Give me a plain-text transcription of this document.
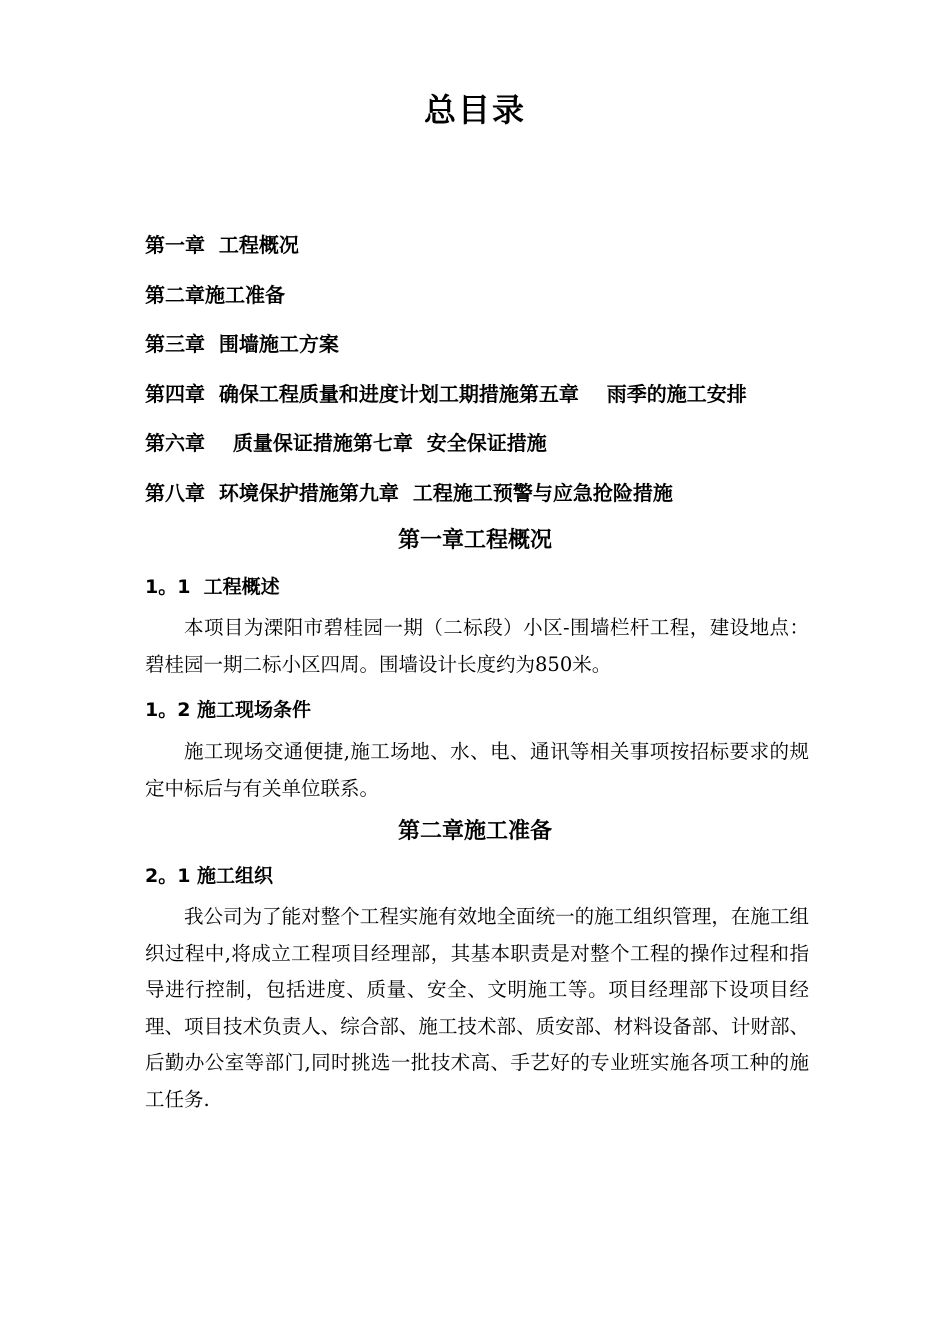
总目录
第一章  工程概况
第二章施工准备
第三章  围墙施工方案
第四章  确保工程质量和进度计划工期措施第五章    雨季的施工安排
第六章    质量保证措施第七章  安全保证措施
第八章  环境保护措施第九章  工程施工预警与应急抢险措施
第一章工程概况
1。1  工程概述

本项目为溧阳市碧桂园一期（二标段）小区-围墙栏杆工程，建设地点：碧桂园一期二标小区四周。围墙设计长度约为850米。

1。2 施工现场条件

施工现场交通便捷,施工场地、水、电、通讯等相关事项按招标要求的规定中标后与有关单位联系。

第二章施工准备
2。1 施工组织

我公司为了能对整个工程实施有效地全面统一的施工组织管理，在施工组织过程中,将成立工程项目经理部，其基本职责是对整个工程的操作过程和指导进行控制，包括进度、质量、安全、文明施工等。项目经理部下设项目经理、项目技术负责人、综合部、施工技术部、质安部、材料设备部、计财部、后勤办公室等部门,同时挑选一批技术高、手艺好的专业班实施各项工种的施工任务.
